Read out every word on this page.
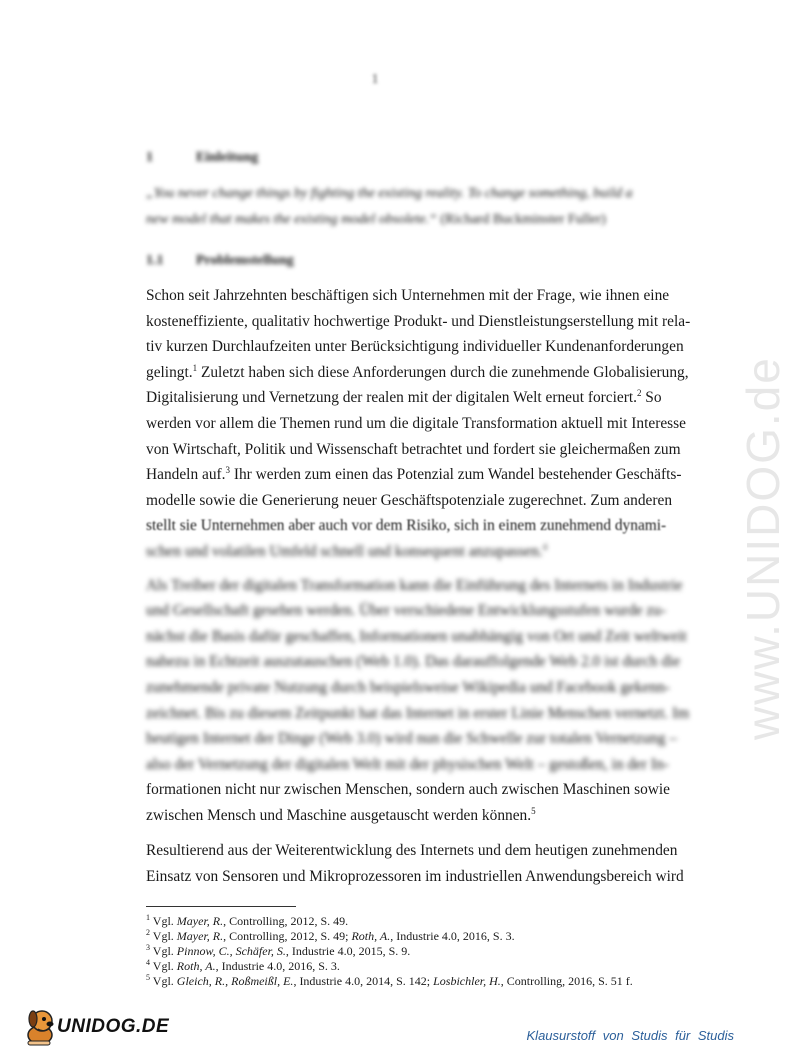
1
1	Einleitung
„You never change things by fighting the existing reality. To change something, build a
new model that makes the existing model obsolete.“ (Richard Buckminster Fuller)
1.1 Problemstellung
Schon seit Jahrzehnten beschäftigen sich Unternehmen mit der Frage, wie ihnen eine
kosteneffiziente, qualitativ hochwertige Produkt- und Dienstleistungserstellung mit rela-
tiv kurzen Durchlaufzeiten unter Berücksichtigung individueller Kundenanforderungen
gelingt.$^1$ Zuletzt haben sich diese Anforderungen durch die zunehmende Globalisierung,
Digitalisierung und Vernetzung der realen mit der digitalen Welt erneut forciert.$^2$ So
werden vor allem die Themen rund um die digitale Transformation aktuell mit Interesse
von Wirtschaft, Politik und Wissenschaft betrachtet und fordert sie gleichermaßen zum
Handeln auf.$^3$ Ihr werden zum einen das Potenzial zum Wandel bestehender Geschäfts-
modelle sowie die Generierung neuer Geschäftspotenziale zugerechnet. Zum anderen
stellt sie Unternehmen aber auch vor dem Risiko, sich in einem zunehmend dynami-
schen und volatilen Umfeld schnell und konsequent anzupassen.$^4$
Als Treiber der digitalen Transformation kann die Einführung des Internets in Industrie
und Gesellschaft gesehen werden. Über verschiedene Entwicklungsstufen wurde zu-
nächst die Basis dafür geschaffen, Informationen unabhängig von Ort und Zeit weltweit
nahezu in Echtzeit auszutauschen (Web 1.0). Das darauffolgende Web 2.0 ist durch die
zunehmende private Nutzung durch beispielsweise Wikipedia und Facebook gekenn-
zeichnet. Bis zu diesem Zeitpunkt hat das Internet in erster Linie Menschen vernetzt. Im
heutigen Internet der Dinge (Web 3.0) wird nun die Schwelle zur totalen Vernetzung –
also der Vernetzung der digitalen Welt mit der physischen Welt – gestoßen, in der In-
formationen nicht nur zwischen Menschen, sondern auch zwischen Maschinen sowie
zwischen Mensch und Maschine ausgetauscht werden können.$^5$
Resultierend aus der Weiterentwicklung des Internets und dem heutigen zunehmenden
Einsatz von Sensoren und Mikroprozessoren im industriellen Anwendungsbereich wird
$^1$ Vgl. Mayer, R., Controlling, 2012, S. 49.
$^2$ Vgl. Mayer, R., Controlling, 2012, S. 49; Roth, A., Industrie 4.0, 2016, S. 3.
$^3$ Vgl. Pinnow, C., Schäfer, S., Industrie 4.0, 2015, S. 9.
$^4$ Vgl. Roth, A., Industrie 4.0, 2016, S. 3.
$^5$ Vgl. Gleich, R., Roßmeißl, E., Industrie 4.0, 2014, S. 142; Losbichler, H., Controlling, 2016, S. 51 f.
www.UNIDOG.de
UNIDOG.DE	Klausurstoff von Studis für Studis
